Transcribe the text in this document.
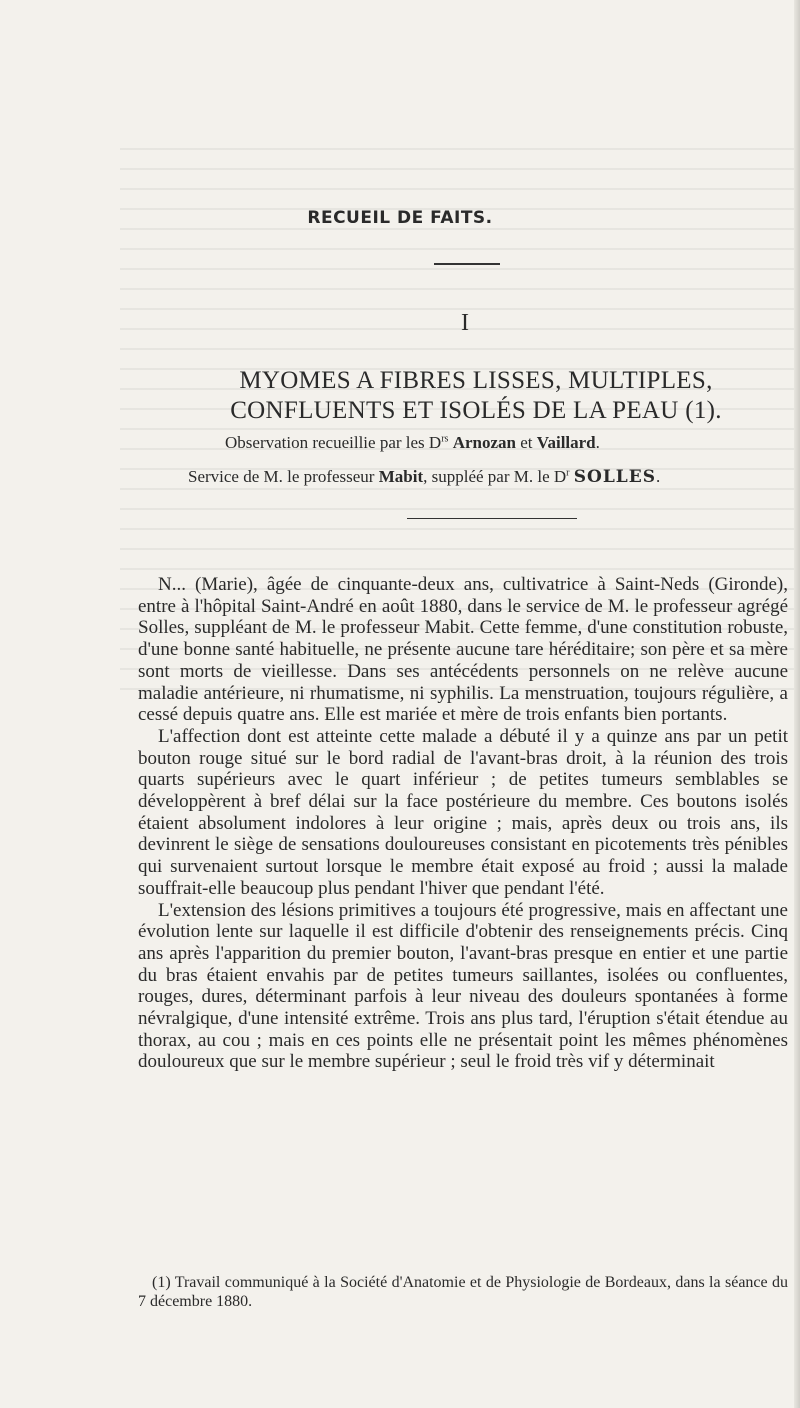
RECUEIL DE FAITS.
I
MYOMES A FIBRES LISSES, MULTIPLES, CONFLUENTS ET ISOLÉS DE LA PEAU (1).
Observation recueillie par les $D^{rs}$ Arnozan et Vaillard.
Service de M. le professeur Mabit, suppléé par M. le $D^r$ SOLLES.

N... (Marie), âgée de cinquante-deux ans, cultivatrice à Saint-Neds (Gironde), entre à l'hôpital Saint-André en août 1880, dans le service de M. le professeur agrégé Solles, suppléant de M. le professeur Mabit. Cette femme, d'une constitution robuste, d'une bonne santé habituelle, ne présente aucune tare héréditaire; son père et sa mère sont morts de vieillesse. Dans ses antécédents personnels on ne relève aucune maladie antérieure, ni rhumatisme, ni syphilis. La menstruation, toujours régulière, a cessé depuis quatre ans. Elle est mariée et mère de trois enfants bien portants.

L'affection dont est atteinte cette malade a débuté il y a quinze ans par un petit bouton rouge situé sur le bord radial de l'avant-bras droit, à la réunion des trois quarts supérieurs avec le quart inférieur ; de petites tumeurs semblables se développèrent à bref délai sur la face postérieure du membre. Ces boutons isolés étaient absolument indolores à leur origine ; mais, après deux ou trois ans, ils devinrent le siège de sensations douloureuses consistant en picotements très pénibles qui survenaient surtout lorsque le membre était exposé au froid ; aussi la malade souffrait-elle beaucoup plus pendant l'hiver que pendant l'été.

L'extension des lésions primitives a toujours été progressive, mais en affectant une évolution lente sur laquelle il est difficile d'obtenir des renseignements précis. Cinq ans après l'apparition du premier bouton, l'avant-bras presque en entier et une partie du bras étaient envahis par de petites tumeurs saillantes, isolées ou confluentes, rouges, dures, déterminant parfois à leur niveau des douleurs spontanées à forme névralgique, d'une intensité extrême. Trois ans plus tard, l'éruption s'était étendue au thorax, au cou ; mais en ces points elle ne présentait point les mêmes phénomènes douloureux que sur le membre supérieur ; seul le froid très vif y déterminait

(1) Travail communiqué à la Société d'Anatomie et de Physiologie de Bordeaux, dans la séance du 7 décembre 1880.
